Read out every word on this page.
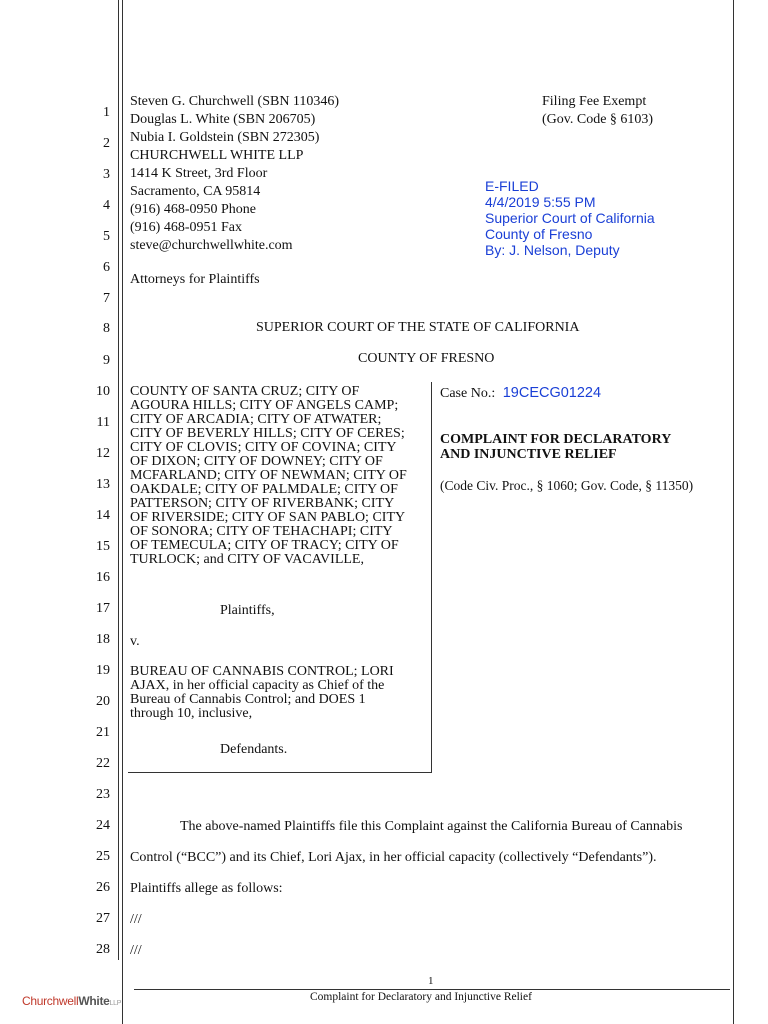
1
2
3
4
5
6
7
8
9
10
11
12
13
14
15
16
17
18
19
20
21
22
23
24
25
26
27
28
Steven G. Churchwell (SBN 110346)
Douglas L. White (SBN 206705)
Nubia I. Goldstein (SBN 272305)
CHURCHWELL WHITE LLP
1414 K Street, 3rd Floor
Sacramento, CA 95814
(916) 468-0950 Phone
(916) 468-0951 Fax
steve@churchwellwhite.com
Attorneys for Plaintiffs
Filing Fee Exempt
(Gov. Code § 6103)
E-FILED
4/4/2019 5:55 PM
Superior Court of California
County of Fresno
By: J. Nelson, Deputy
SUPERIOR COURT OF THE STATE OF CALIFORNIA
COUNTY OF FRESNO
COUNTY OF SANTA CRUZ; CITY OF
AGOURA HILLS; CITY OF ANGELS CAMP;
CITY OF ARCADIA; CITY OF ATWATER;
CITY OF BEVERLY HILLS; CITY OF CERES;
CITY OF CLOVIS; CITY OF COVINA; CITY
OF DIXON; CITY OF DOWNEY; CITY OF
MCFARLAND; CITY OF NEWMAN; CITY OF
OAKDALE; CITY OF PALMDALE; CITY OF
PATTERSON; CITY OF RIVERBANK; CITY
OF RIVERSIDE; CITY OF SAN PABLO; CITY
OF SONORA; CITY OF TEHACHAPI; CITY
OF TEMECULA; CITY OF TRACY; CITY OF
TURLOCK; and CITY OF VACAVILLE,
Plaintiffs,
v.
BUREAU OF CANNABIS CONTROL; LORI
AJAX, in her official capacity as Chief of the
Bureau of Cannabis Control; and DOES 1
through 10, inclusive,
Defendants.
Case No.: 19CECG01224
COMPLAINT FOR DECLARATORY
AND INJUNCTIVE RELIEF
(Code Civ. Proc., § 1060; Gov. Code, § 11350)
The above-named Plaintiffs file this Complaint against the California Bureau of Cannabis
Control (“BCC”) and its Chief, Lori Ajax, in her official capacity (collectively “Defendants”).
Plaintiffs allege as follows:
///
///
1
Complaint for Declaratory and Injunctive Relief
ChurchwellWhiteLLP
